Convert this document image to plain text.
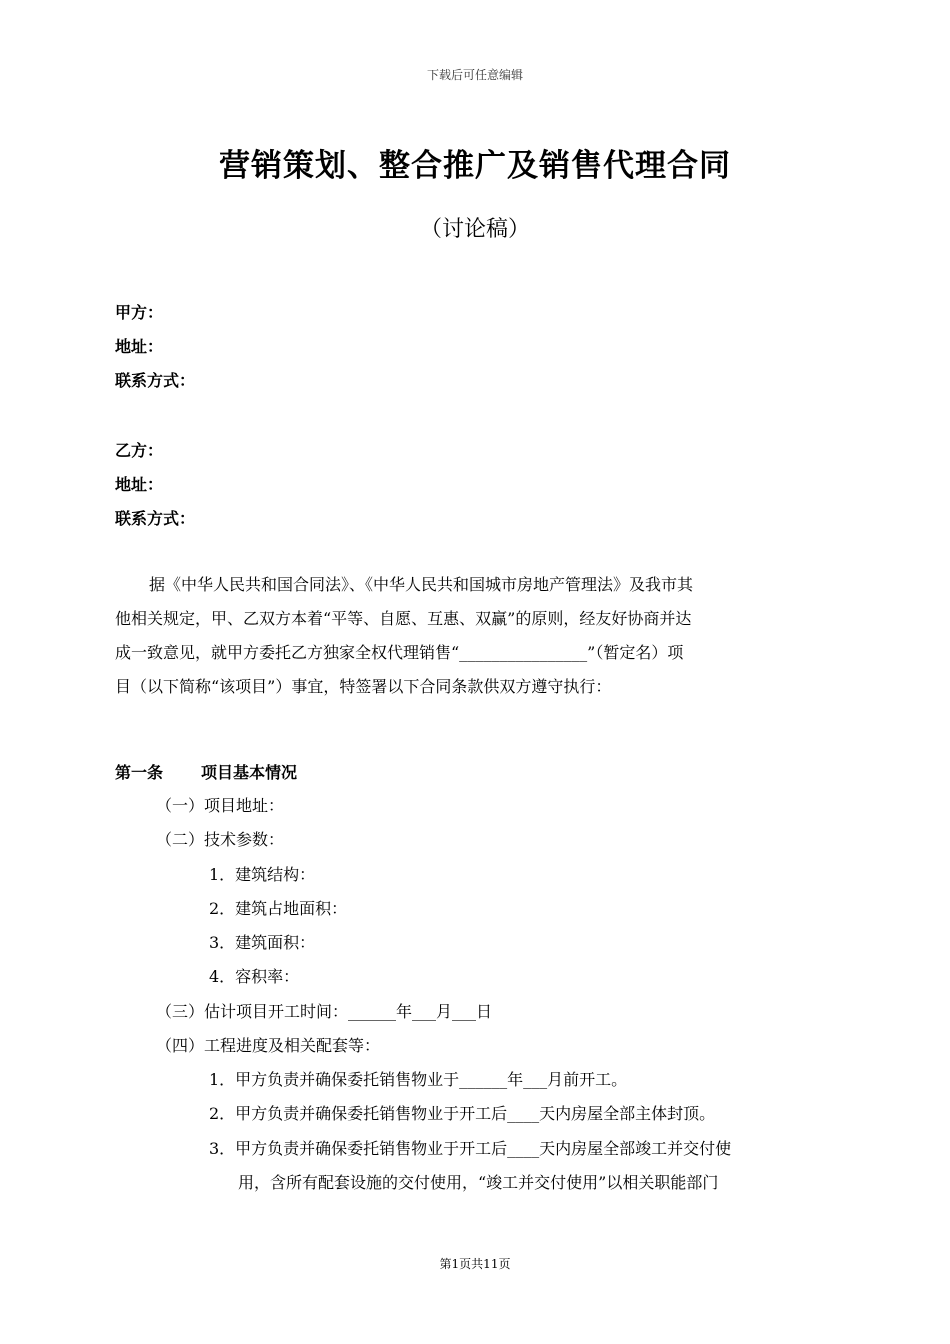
下载后可任意编辑
营销策划、整合推广及销售代理合同
（讨论稿）
甲方：
地址：
联系方式：
乙方：
地址：
联系方式：
据《中华人民共和国合同法》、《中华人民共和国城市房地产管理法》及我市其
他相关规定，甲、乙双方本着“平等、自愿、互惠、双赢”的原则，经友好协商并达
成一致意见，就甲方委托乙方独家全权代理销售“________________”（暂定名）项
目（以下简称“该项目”）事宜，特签署以下合同条款供双方遵守执行：
第一条 项目基本情况
（一）项目地址：
（二）技术参数：
1．建筑结构：
2．建筑占地面积：
3．建筑面积：
4．容积率：
（三）估计项目开工时间：______年___月___日
（四）工程进度及相关配套等：
1．甲方负责并确保委托销售物业于______年___月前开工。
2．甲方负责并确保委托销售物业于开工后____天内房屋全部主体封顶。
3．甲方负责并确保委托销售物业于开工后____天内房屋全部竣工并交付使
用，含所有配套设施的交付使用，“竣工并交付使用”以相关职能部门
第1页共11页
